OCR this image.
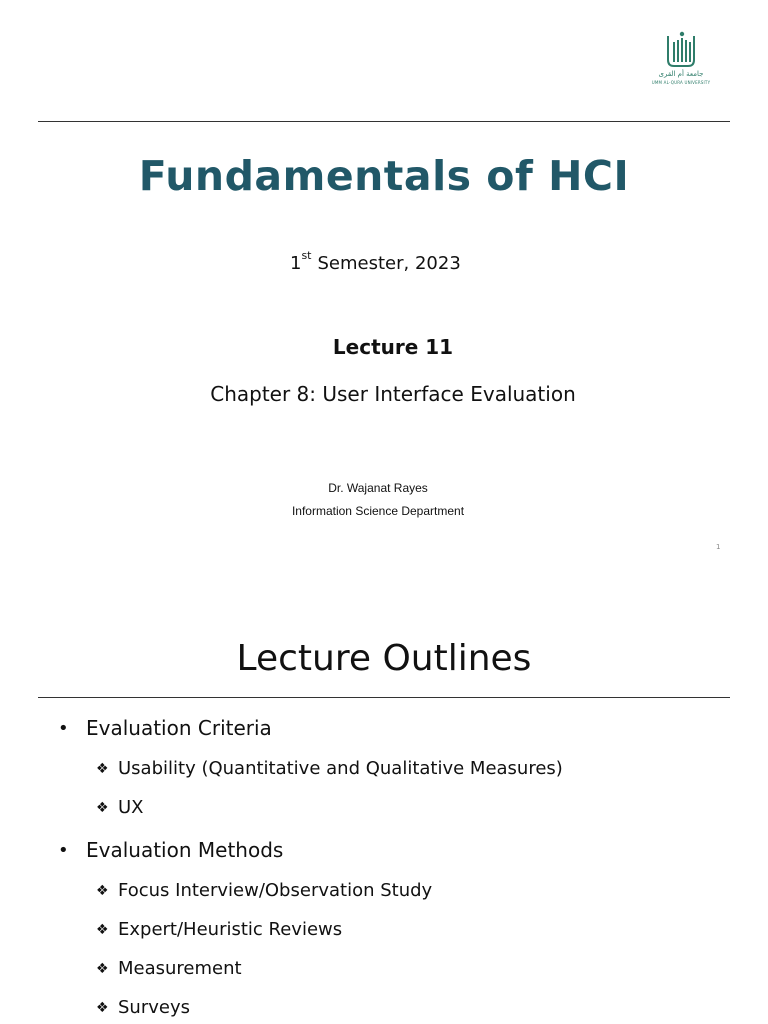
جامعة أم القرى
UMM AL-QURA UNIVERSITY
Fundamentals of HCI
1st Semester, 2023
Lecture 11
Chapter 8: User Interface Evaluation
Dr. Wajanat Rayes
Information Science Department
1
Lecture Outlines
• Evaluation Criteria
❖ Usability (Quantitative and Qualitative Measures)
❖ UX
• Evaluation Methods
❖ Focus Interview/Observation Study
❖ Expert/Heuristic Reviews
❖ Measurement
❖ Surveys
